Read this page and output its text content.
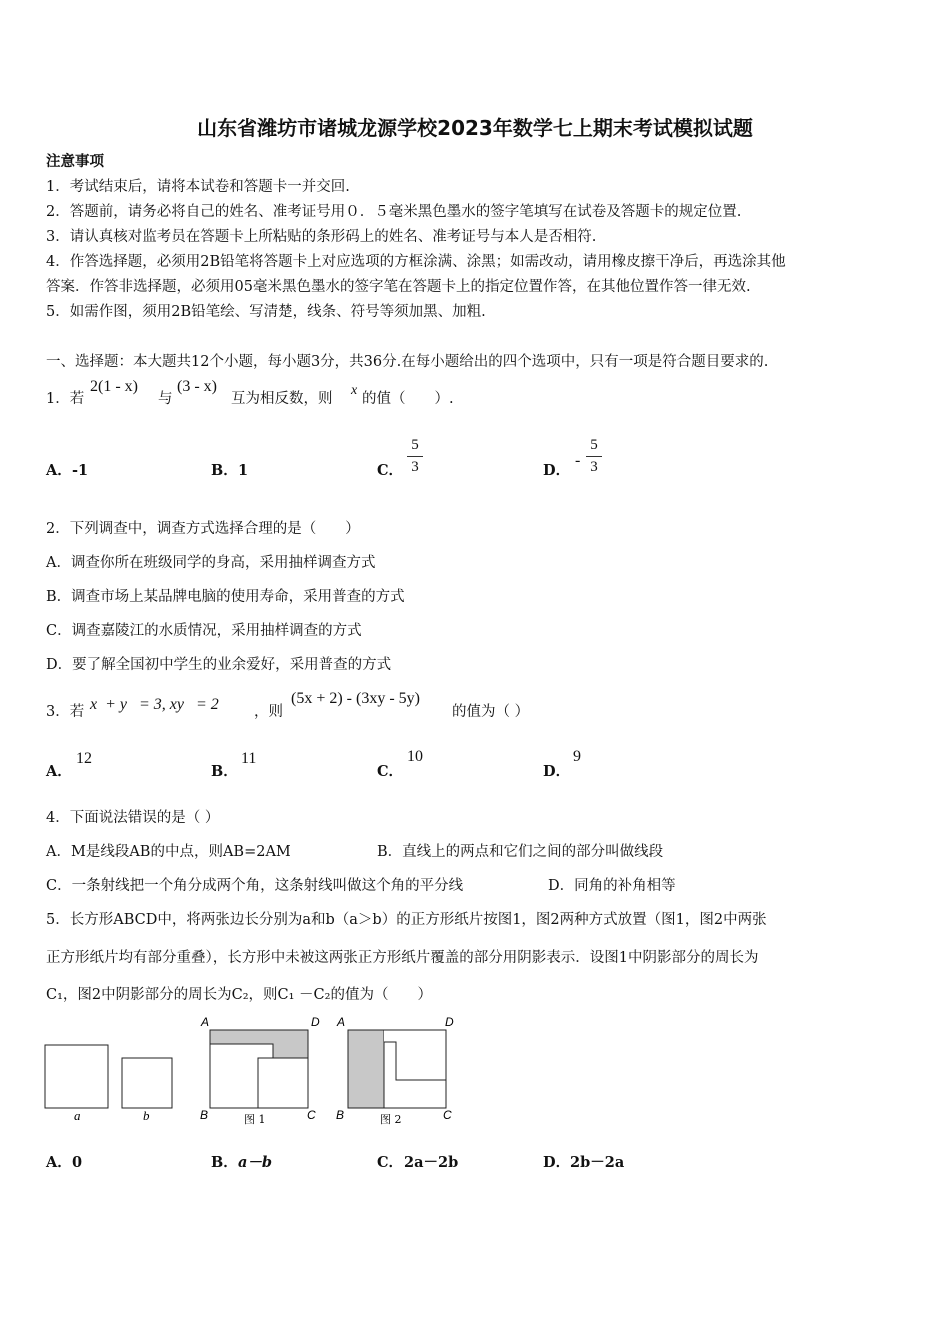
山东省潍坊市诸城龙源学校2023年数学七上期末考试模拟试题
注意事项
1．考试结束后，请将本试卷和答题卡一并交回.
2．答题前，请务必将自己的姓名、准考证号用０．５毫米黑色墨水的签字笔填写在试卷及答题卡的规定位置.
3．请认真核对监考员在答题卡上所粘贴的条形码上的姓名、准考证号与本人是否相符.
4．作答选择题，必须用2B铅笔将答题卡上对应选项的方框涂满、涂黑；如需改动，请用橡皮擦干净后，再选涂其他
答案．作答非选择题，必须用05毫米黑色墨水的签字笔在答题卡上的指定位置作答，在其他位置作答一律无效.
5．如需作图，须用2B铅笔绘、写清楚，线条、符号等须加黑、加粗.
一、选择题：本大题共12个小题，每小题3分，共36分.在每小题给出的四个选项中，只有一项是符合题目要求的.
1．若
2(1 - x)
与
(3 - x)
互为相反数，则
x
的值（　　）.
A． -1	B． 1	C．
5
3	D．
-
5
3
2．下列调查中，调查方式选择合理的是（　　）
A．调查你所在班级同学的身高，采用抽样调查方式
B．调查市场上某品牌电脑的使用寿命，采用普查的方式
C．调查嘉陵江的水质情况，采用抽样调查的方式
D．要了解全国初中学生的业余爱好，采用普查的方式
3．若 x  + y   = 3, xy   = 2 ，则
(5x + 2) - (3xy - 5y)
的值为（ ）
A．
12
B．
11
C．
10
D．
9
4．下面说法错误的是（ ）
A．M是线段AB的中点，则AB=2AM	B．直线上的两点和它们之间的部分叫做线段
C．一条射线把一个角分成两个角，这条射线叫做这个角的平分线	D．同角的补角相等
5．长方形ABCD中，将两张边长分别为a和b（a＞b）的正方形纸片按图1，图2两种方式放置（图1，图2中两张
正方形纸片均有部分重叠），长方形中未被这两张正方形纸片覆盖的部分用阴影表示．设图1中阴影部分的周长为
C₁，图2中阴影部分的周长为C₂，则C₁ －C₂的值为（　　）
a	b
A	D
B	C
图 1
A	D
B	C
图 2
A． 0	B． a－b	C． 2a－2b	D． 2b－2a
